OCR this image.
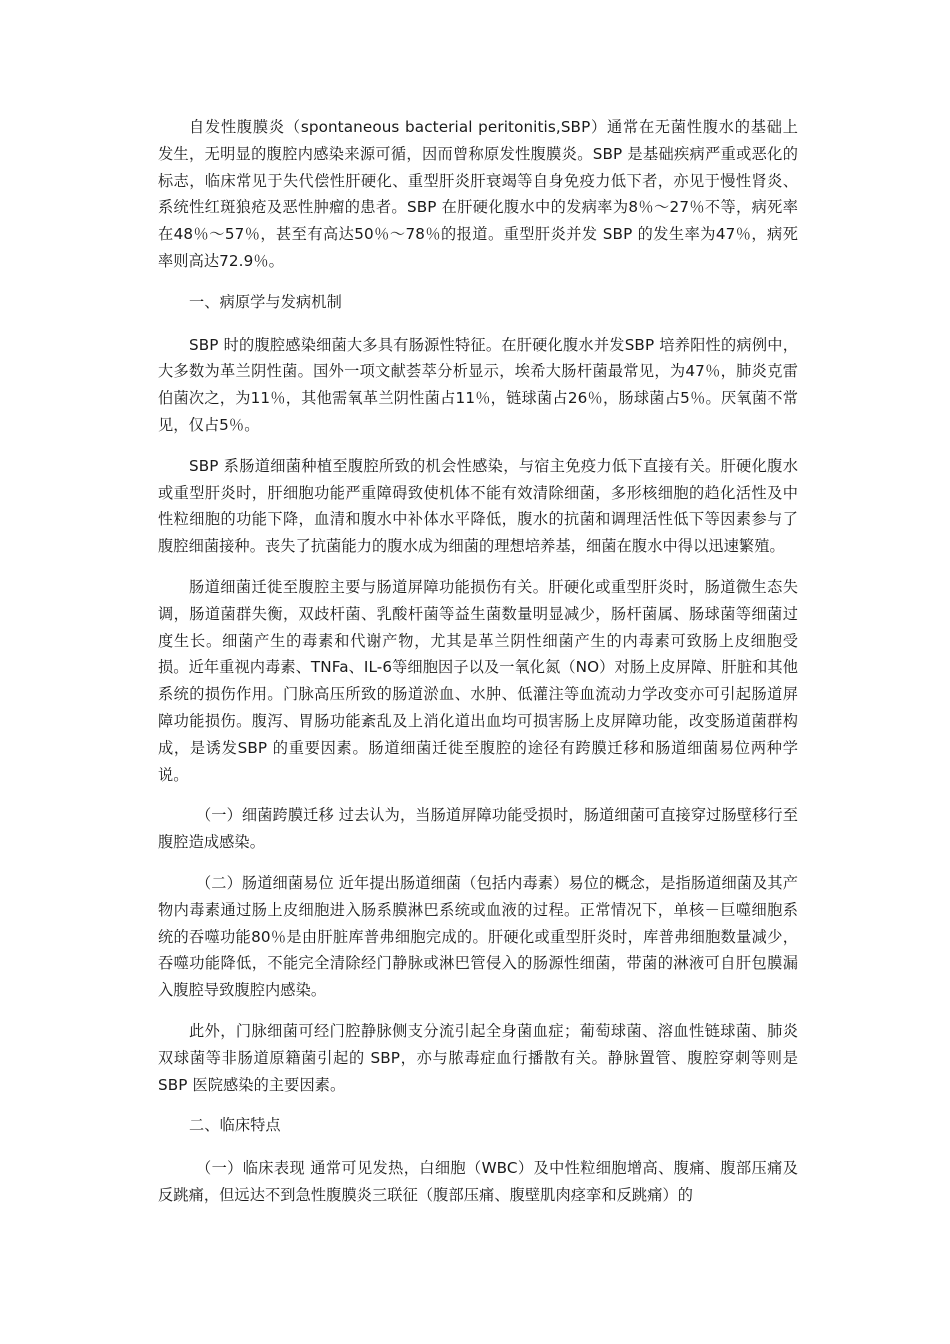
自发性腹膜炎（spontaneous bacterial peritonitis,SBP）通常在无菌性腹水的基础上发生，无明显的腹腔内感染来源可循，因而曾称原发性腹膜炎。SBP 是基础疾病严重或恶化的标志，临床常见于失代偿性肝硬化、重型肝炎肝衰竭等自身免疫力低下者，亦见于慢性肾炎、系统性红斑狼疮及恶性肿瘤的患者。SBP 在肝硬化腹水中的发病率为8％～27％不等，病死率在48％～57％，甚至有高达50％～78％的报道。重型肝炎并发 SBP 的发生率为47％，病死率则高达72.9％。

一、病原学与发病机制

SBP 时的腹腔感染细菌大多具有肠源性特征。在肝硬化腹水并发SBP 培养阳性的病例中，大多数为革兰阴性菌。国外一项文献荟萃分析显示，埃希大肠杆菌最常见，为47％，肺炎克雷伯菌次之，为11％，其他需氧革兰阴性菌占11％，链球菌占26％，肠球菌占5％。厌氧菌不常见，仅占5％。

SBP 系肠道细菌种植至腹腔所致的机会性感染，与宿主免疫力低下直接有关。肝硬化腹水或重型肝炎时，肝细胞功能严重障碍致使机体不能有效清除细菌，多形核细胞的趋化活性及中性粒细胞的功能下降，血清和腹水中补体水平降低，腹水的抗菌和调理活性低下等因素参与了腹腔细菌接种。丧失了抗菌能力的腹水成为细菌的理想培养基，细菌在腹水中得以迅速繁殖。

肠道细菌迁徙至腹腔主要与肠道屏障功能损伤有关。肝硬化或重型肝炎时，肠道微生态失调，肠道菌群失衡，双歧杆菌、乳酸杆菌等益生菌数量明显减少，肠杆菌属、肠球菌等细菌过度生长。细菌产生的毒素和代谢产物，尤其是革兰阴性细菌产生的内毒素可致肠上皮细胞受损。近年重视内毒素、TNFa、IL-6等细胞因子以及一氧化氮（NO）对肠上皮屏障、肝脏和其他系统的损伤作用。门脉高压所致的肠道淤血、水肿、低灌注等血流动力学改变亦可引起肠道屏障功能损伤。腹泻、胃肠功能紊乱及上消化道出血均可损害肠上皮屏障功能，改变肠道菌群构成，是诱发SBP 的重要因素。肠道细菌迁徙至腹腔的途径有跨膜迁移和肠道细菌易位两种学说。

（一）细菌跨膜迁移 过去认为，当肠道屏障功能受损时，肠道细菌可直接穿过肠壁移行至腹腔造成感染。

（二）肠道细菌易位 近年提出肠道细菌（包括内毒素）易位的概念，是指肠道细菌及其产物内毒素通过肠上皮细胞进入肠系膜淋巴系统或血液的过程。正常情况下，单核－巨噬细胞系统的吞噬功能80％是由肝脏库普弗细胞完成的。肝硬化或重型肝炎时，库普弗细胞数量减少，吞噬功能降低，不能完全清除经门静脉或淋巴管侵入的肠源性细菌，带菌的淋液可自肝包膜漏入腹腔导致腹腔内感染。

此外，门脉细菌可经门腔静脉侧支分流引起全身菌血症；葡萄球菌、溶血性链球菌、肺炎双球菌等非肠道原籍菌引起的 SBP，亦与脓毒症血行播散有关。静脉置管、腹腔穿刺等则是 SBP 医院感染的主要因素。

二、临床特点

（一）临床表现 通常可见发热，白细胞（WBC）及中性粒细胞增高、腹痛、腹部压痛及反跳痛，但远达不到急性腹膜炎三联征（腹部压痛、腹壁肌肉痉挛和反跳痛）的
